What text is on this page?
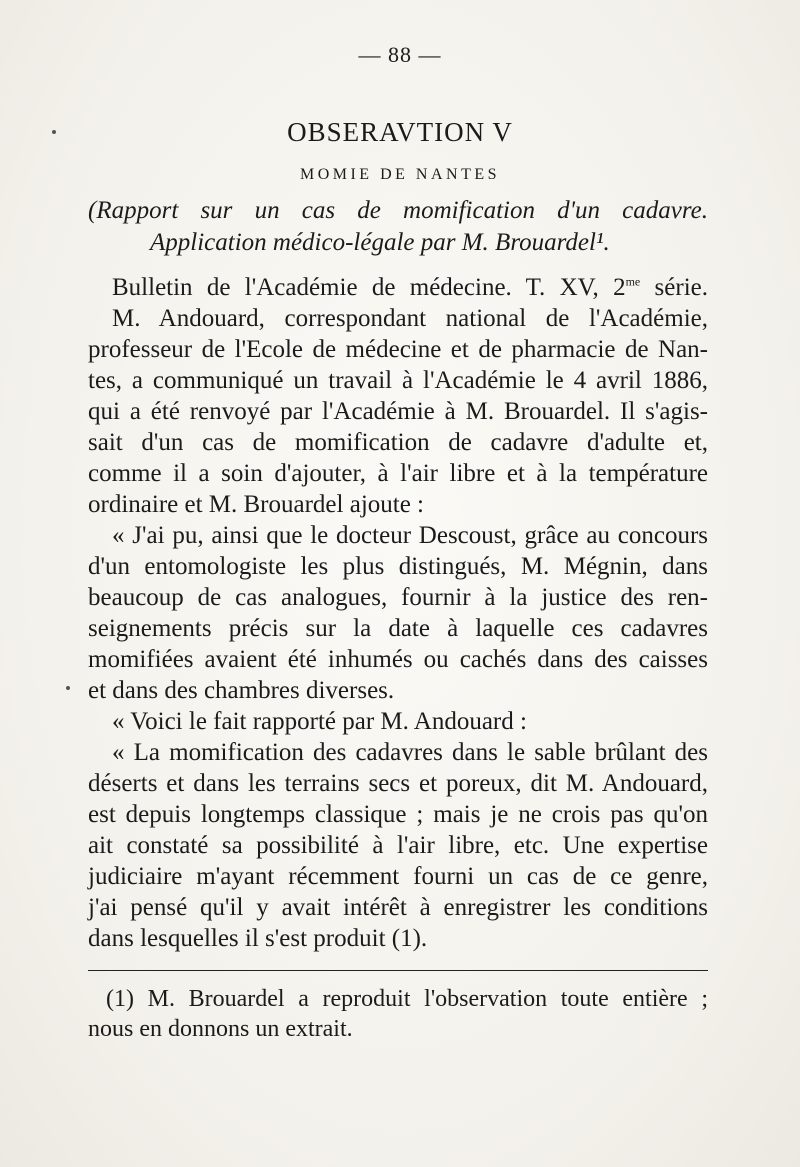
— 88 —
OBSERAVTION V
MOMIE DE NANTES
(Rapport sur un cas de momification d'un cadavre.
Application médico-légale par M. Brouardel¹.
Bulletin de l'Académie de médecine. T. XV, $2^{me}$ série.
M. Andouard, correspondant national de l'Académie,
professeur de l'Ecole de médecine et de pharmacie de Nan-
tes, a communiqué un travail à l'Académie le 4 avril 1886,
qui a été renvoyé par l'Académie à M. Brouardel. Il s'agis-
sait d'un cas de momification de cadavre d'adulte et,
comme il a soin d'ajouter, à l'air libre et à la température
ordinaire et M. Brouardel ajoute :
« J'ai pu, ainsi que le docteur Descoust, grâce au concours
d'un entomologiste les plus distingués, M. Mégnin, dans
beaucoup de cas analogues, fournir à la justice des ren-
seignements précis sur la date à laquelle ces cadavres
momifiées avaient été inhumés ou cachés dans des caisses
et dans des chambres diverses.
« Voici le fait rapporté par M. Andouard :
« La momification des cadavres dans le sable brûlant des
déserts et dans les terrains secs et poreux, dit M. Andouard,
est depuis longtemps classique ; mais je ne crois pas qu'on
ait constaté sa possibilité à l'air libre, etc. Une expertise
judiciaire m'ayant récemment fourni un cas de ce genre,
j'ai pensé qu'il y avait intérêt à enregistrer les conditions
dans lesquelles il s'est produit (1).
(1) M. Brouardel a reproduit l'observation toute entière ;
nous en donnons un extrait.
